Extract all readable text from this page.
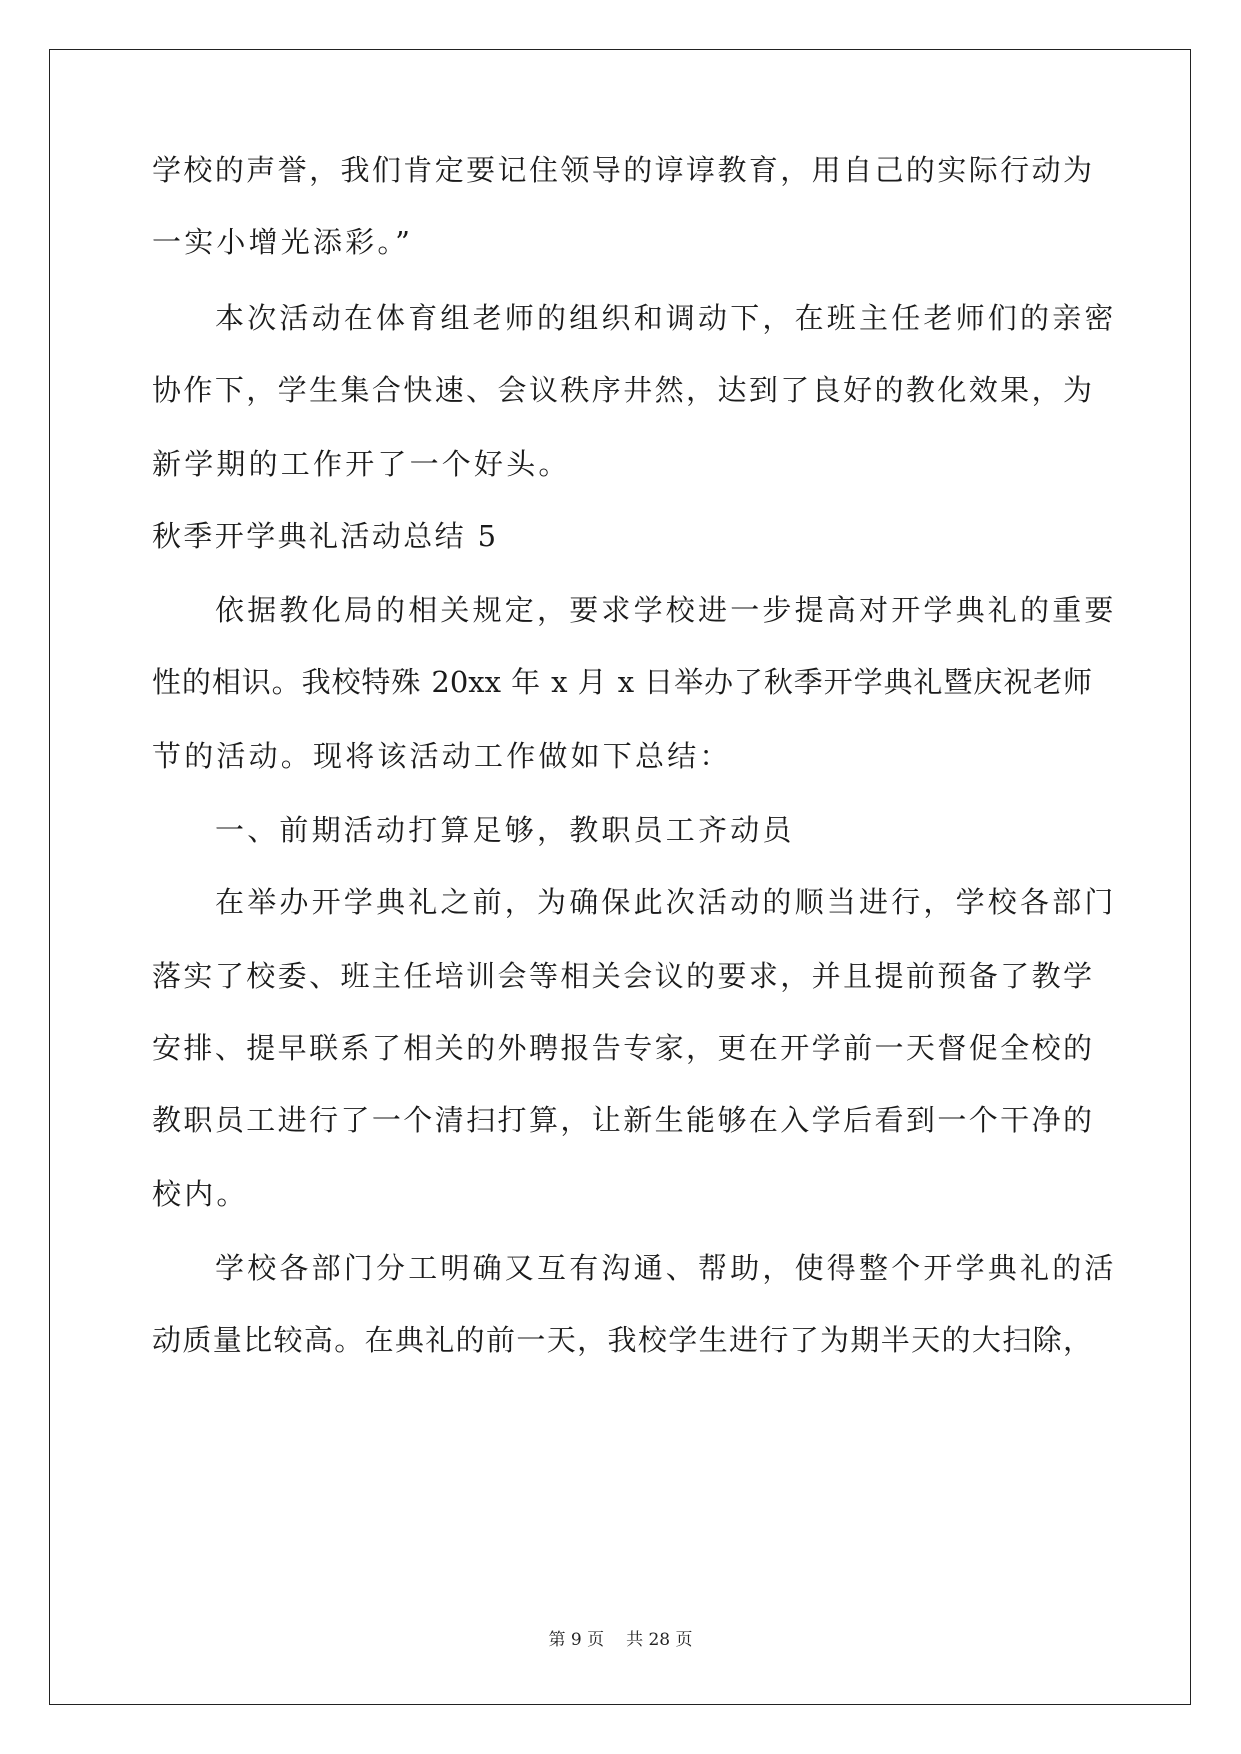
学校的声誉，我们肯定要记住领导的谆谆教育，用自己的实际行动为
一实小增光添彩。”
本次活动在体育组老师的组织和调动下，在班主任老师们的亲密
协作下，学生集合快速、会议秩序井然，达到了良好的教化效果，为
新学期的工作开了一个好头。
秋季开学典礼活动总结 5
依据教化局的相关规定，要求学校进一步提高对开学典礼的重要
性的相识。我校特殊 20xx 年 x 月 x 日举办了秋季开学典礼暨庆祝老师
节的活动。现将该活动工作做如下总结：
一、前期活动打算足够，教职员工齐动员
在举办开学典礼之前，为确保此次活动的顺当进行，学校各部门
落实了校委、班主任培训会等相关会议的要求，并且提前预备了教学
安排、提早联系了相关的外聘报告专家，更在开学前一天督促全校的
教职员工进行了一个清扫打算，让新生能够在入学后看到一个干净的
校内。
学校各部门分工明确又互有沟通、帮助，使得整个开学典礼的活
动质量比较高。在典礼的前一天，我校学生进行了为期半天的大扫除，
第 9 页 共 28 页
